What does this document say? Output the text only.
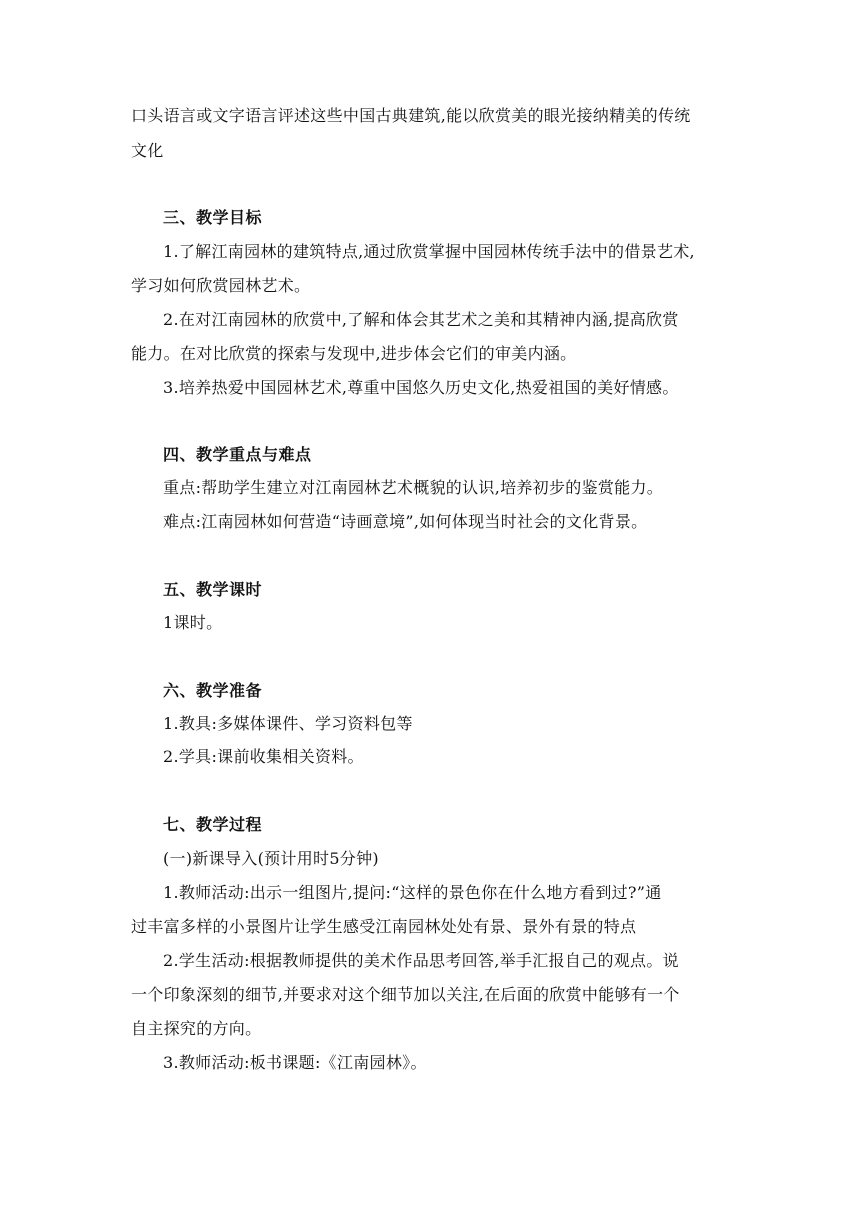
口头语言或文字语言评述这些中国古典建筑,能以欣赏美的眼光接纳精美的传统
文化
三、教学目标
1.了解江南园林的建筑特点,通过欣赏掌握中国园林传统手法中的借景艺术,
学习如何欣赏园林艺术。
2.在对江南园林的欣赏中,了解和体会其艺术之美和其精神内涵,提高欣赏
能力。在对比欣赏的探索与发现中,进步体会它们的审美内涵。
3.培养热爱中国园林艺术,尊重中国悠久历史文化,热爱祖国的美好情感。
四、教学重点与难点
重点:帮助学生建立对江南园林艺术概貌的认识,培养初步的鉴赏能力。
难点:江南园林如何营造“诗画意境”,如何体现当时社会的文化背景。
五、教学课时
1课时。
六、教学准备
1.教具:多媒体课件、学习资料包等
2.学具:课前收集相关资料。
七、教学过程
(一)新课导入(预计用时5分钟)
1.教师活动:出示一组图片,提问:“这样的景色你在什么地方看到过?”通
过丰富多样的小景图片让学生感受江南园林处处有景、景外有景的特点
2.学生活动:根据教师提供的美术作品思考回答,举手汇报自己的观点。说
一个印象深刻的细节,并要求对这个细节加以关注,在后面的欣赏中能够有一个
自主探究的方向。
3.教师活动:板书课题:《江南园林》。
